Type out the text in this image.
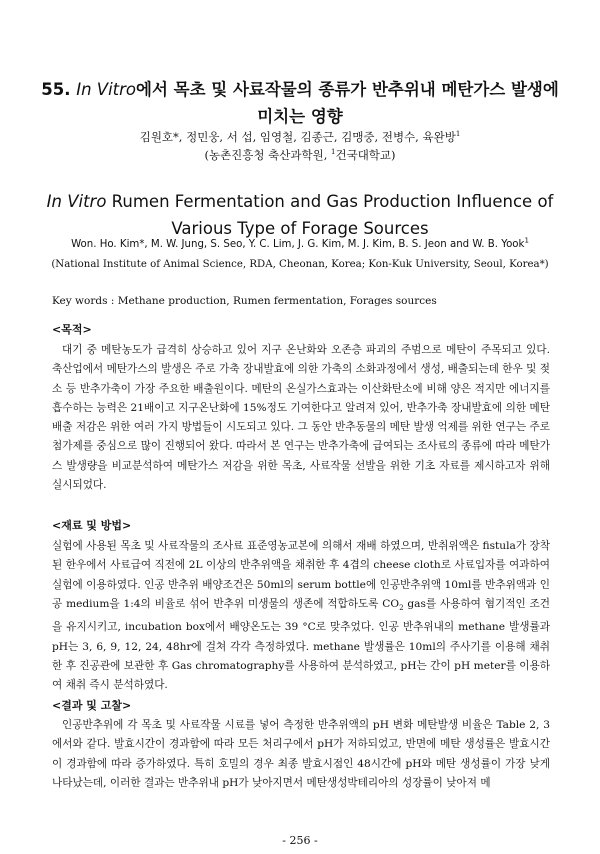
55. In Vitro에서 목초 및 사료작물의 종류가 반추위내 메탄가스 발생에
미치는 영향
김원호*, 정민웅, 서 섭, 임영철, 김종근, 김맹중, 전병수, 육완방$^1$
(농촌진흥청 축산과학원, $^1$건국대학교)
In Vitro Rumen Fermentation and Gas Production Influence of
Various Type of Forage Sources
Won. Ho. Kim*, M. W. Jung, S. Seo, Y. C. Lim, J. G. Kim, M. J. Kim, B. S. Jeon and W. B. Yook$^1$
(National Institute of Animal Science, RDA, Cheonan, Korea; Kon-Kuk University, Seoul, Korea*)
Key words : Methane production, Rumen fermentation, Forages sources
<목적>
대기 중 메탄농도가 급격히 상승하고 있어 지구 온난화와 오존층 파괴의 주범으로 메탄이 주목되고 있다. 축산업에서 메탄가스의 발생은 주로 가축 장내발효에 의한 가축의 소화과정에서 생성, 배출되는데 한우 및 젖소 등 반추가축이 가장 주요한 배출원이다. 메탄의 온실가스효과는 이산화탄소에 비해 양은 적지만 에너지를 흡수하는 능력은 21배이고 지구온난화에 15%정도 기여한다고 알려져 있어, 반추가축 장내발효에 의한 메탄배출 저감은 위한 여러 가지 방법들이 시도되고 있다. 그 동안 반추동물의 메탄 발생 억제를 위한 연구는 주로 첨가제를 중심으로 많이 진행되어 왔다. 따라서 본 연구는 반추가축에 급여되는 조사료의 종류에 따라 메탄가스 발생량을 비교분석하여 메탄가스 저감을 위한 목초, 사료작물 선발을 위한 기초 자료를 제시하고자 위해 실시되었다.
<재료 및 방법>
실험에 사용된 목초 및 사료작물의 조사료 표준영농교본에 의해서 재배 하였으며, 반취위액은 fistula가 장착된 한우에서 사료급여 직전에 2L 이상의 반추위액을 채취한 후 4겹의 cheese cloth로 사료입자를 여과하여 실험에 이용하였다. 인공 반추위 배양조건은 50ml의 serum bottle에 인공반추위액 10ml를 반추위액과 인공 medium을 1:4의 비율로 섞어 반추위 미생물의 생존에 적합하도록 $CO_2$ gas를 사용하여 혐기적인 조건을 유지시키고, incubation box에서 배양온도는 39 °C로 맞추었다. 인공 반추위내의 methane 발생률과 pH는 3, 6, 9, 12, 24, 48hr에 걸쳐 각각 측정하였다. methane 발생률은 10ml의 주사기를 이용해 채취한 후 진공관에 보관한 후 Gas chromatography를 사용하여 분석하였고, pH는 간이 pH meter를 이용하여 채취 즉시 분석하였다.
<결과 및 고찰>
인공반추위에 각 목초 및 사료작물 시료를 넣어 측정한 반추위액의 pH 변화 메탄발생 비율은 Table 2, 3에서와 같다. 발효시간이 경과함에 따라 모든 처리구에서 pH가 저하되었고, 반면에 메탄 생성률은 발효시간이 경과함에 따라 증가하였다. 특히 호밀의 경우 최종 발효시점인 48시간에 pH와 메탄 생성률이 가장 낮게 나타났는데, 이러한 결과는 반추위내 pH가 낮아지면서 메탄생성박테리아의 성장률이 낮아져 메
- 256 -
